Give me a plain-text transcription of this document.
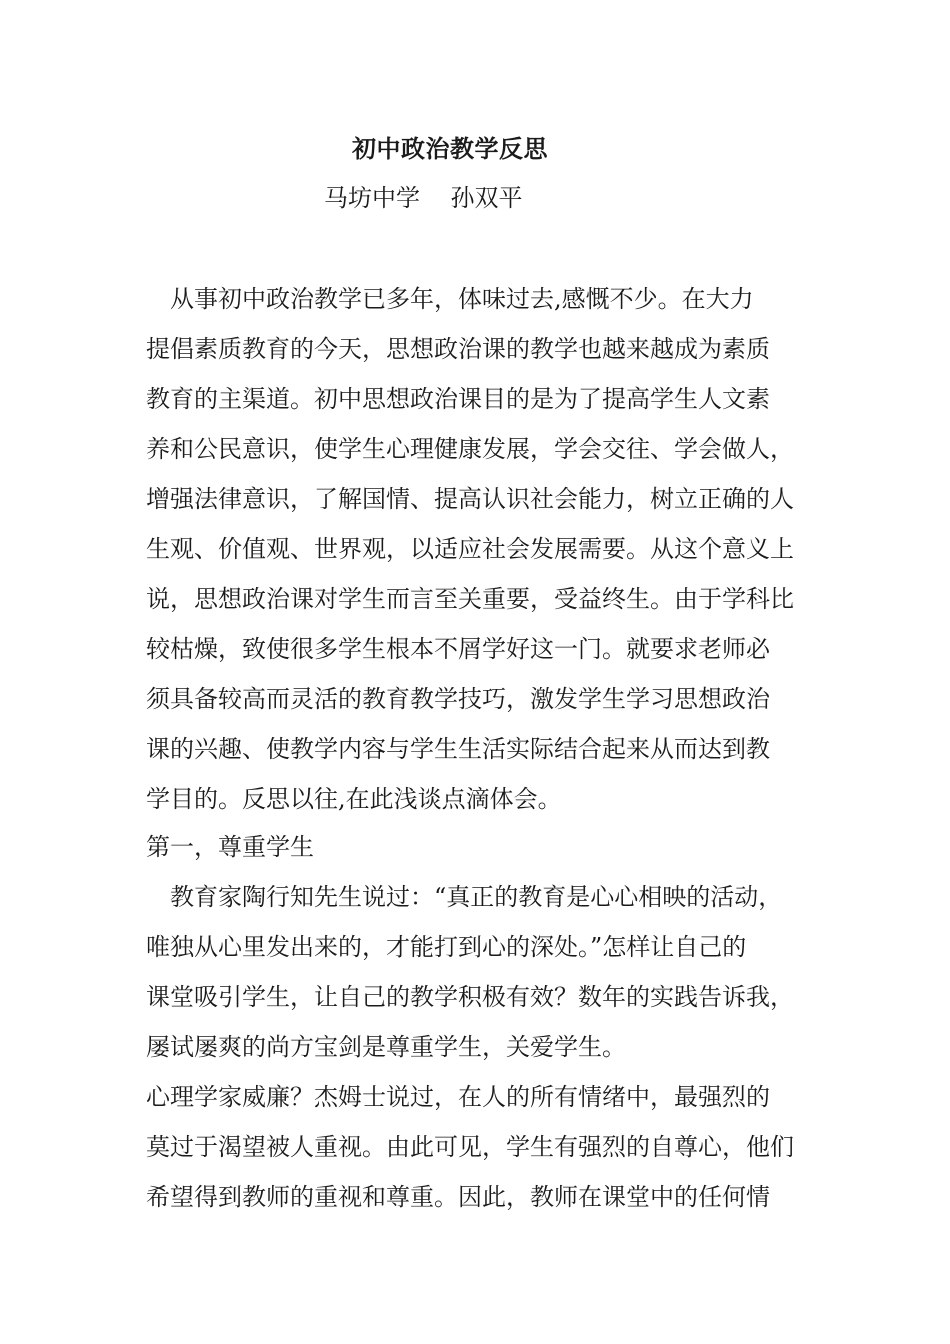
初中政治教学反思
马坊中学    孙双平
　从事初中政治教学已多年，体味过去,感慨不少。在大力
提倡素质教育的今天，思想政治课的教学也越来越成为素质
教育的主渠道。初中思想政治课目的是为了提高学生人文素
养和公民意识，使学生心理健康发展，学会交往、学会做人，
增强法律意识，了解国情、提高认识社会能力，树立正确的人
生观、价值观、世界观，以适应社会发展需要。从这个意义上
说，思想政治课对学生而言至关重要，受益终生。由于学科比
较枯燥，致使很多学生根本不屑学好这一门。就要求老师必
须具备较高而灵活的教育教学技巧，激发学生学习思想政治
课的兴趣、使教学内容与学生生活实际结合起来从而达到教
学目的。反思以往,在此浅谈点滴体会。
第一，尊重学生
　教育家陶行知先生说过：“真正的教育是心心相映的活动，
唯独从心里发出来的，才能打到心的深处。”怎样让自己的
课堂吸引学生，让自己的教学积极有效？数年的实践告诉我，
屡试屡爽的尚方宝剑是尊重学生，关爱学生。
心理学家威廉？杰姆士说过，在人的所有情绪中，最强烈的
莫过于渴望被人重视。由此可见，学生有强烈的自尊心，他们
希望得到教师的重视和尊重。因此，教师在课堂中的任何情
